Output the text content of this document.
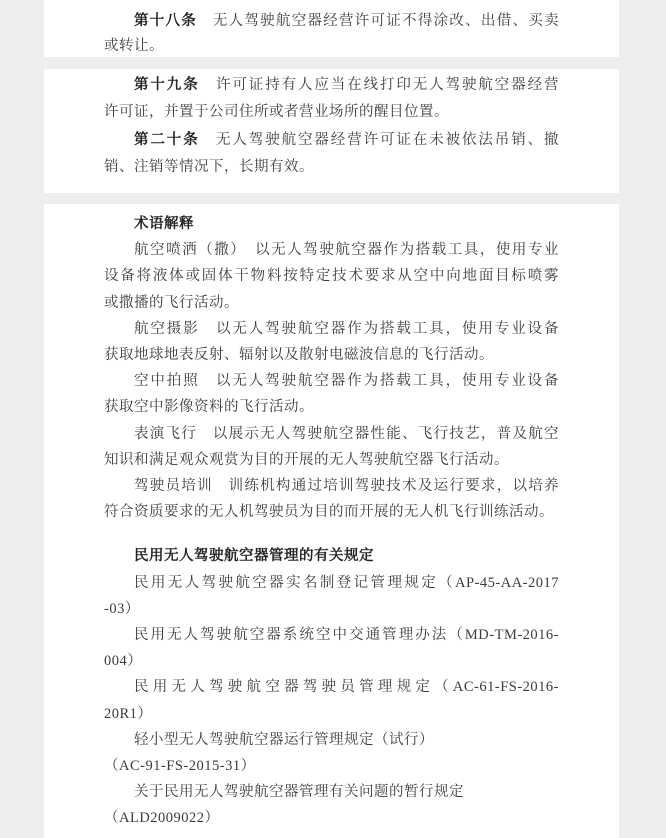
第十八条　无人驾驶航空器经营许可证不得涂改、出借、买卖
或转让。
第十九条　许可证持有人应当在线打印无人驾驶航空器经营
许可证，并置于公司住所或者营业场所的醒目位置。
第二十条　无人驾驶航空器经营许可证在未被依法吊销、撤
销、注销等情况下，长期有效。
术语解释
航空喷洒（撒）　以无人驾驶航空器作为搭载工具，使用专业
设备将液体或固体干物料按特定技术要求从空中向地面目标喷雾
或撒播的飞行活动。
航空摄影　以无人驾驶航空器作为搭载工具，使用专业设备
获取地球地表反射、辐射以及散射电磁波信息的飞行活动。
空中拍照　以无人驾驶航空器作为搭载工具，使用专业设备
获取空中影像资料的飞行活动。
表演飞行　以展示无人驾驶航空器性能、飞行技艺，普及航空
知识和满足观众观赏为目的开展的无人驾驶航空器飞行活动。
驾驶员培训　训练机构通过培训驾驶技术及运行要求，以培养
符合资质要求的无人机驾驶员为目的而开展的无人机飞行训练活动。
民用无人驾驶航空器管理的有关规定
民用无人驾驶航空器实名制登记管理规定（AP-45-AA-2017
-03）
民用无人驾驶航空器系统空中交通管理办法（MD-TM-2016-
004）
民用无人驾驶航空器驾驶员管理规定（AC-61-FS-2016-
20R1）
轻小型无人驾驶航空器运行管理规定（试行）
（AC-91-FS-2015-31）
关于民用无人驾驶航空器管理有关问题的暂行规定
（ALD2009022）
